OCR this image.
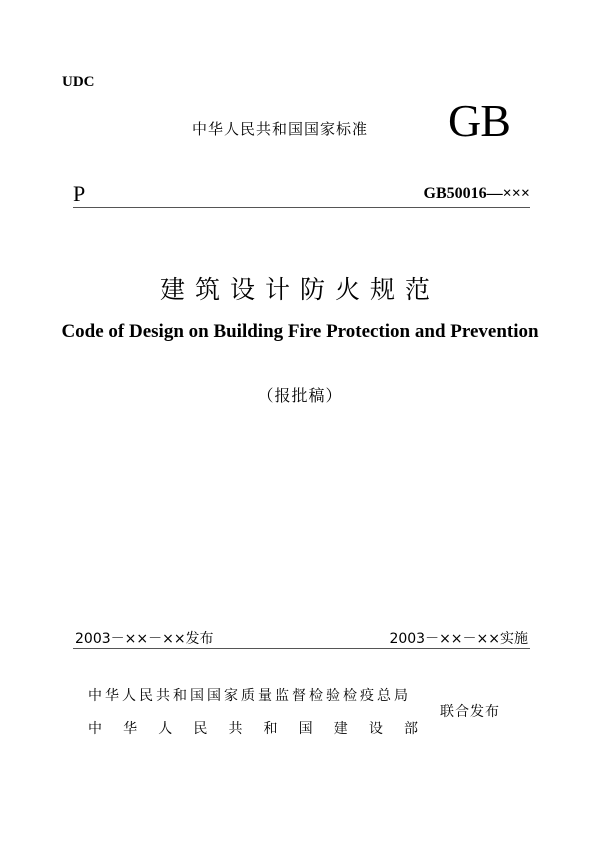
UDC
中华人民共和国国家标准 GB
P	GB50016—×××
建筑设计防火规范
Code of Design on Building Fire Protection and Prevention
（报批稿）
2003－××－××发布	2003－××－××实施
中华人民共和国国家质量监督检验检疫总局
中 华 人 民 共 和 国 建 设 部
联合发布
